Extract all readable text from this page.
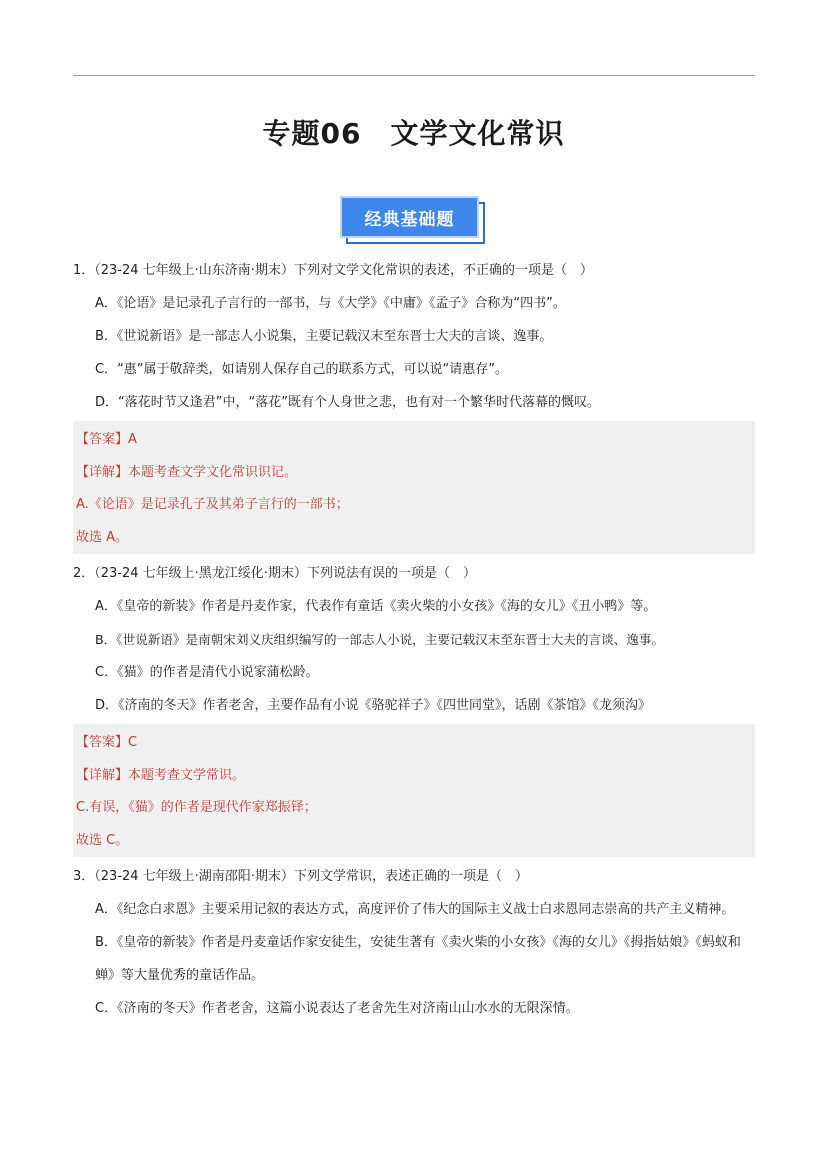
专题06　文学文化常识
经典基础题
1．（23-24 七年级上·山东济南·期末）下列对文学文化常识的表述，不正确的一项是（　）
A．《论语》是记录孔子言行的一部书，与《大学》《中庸》《孟子》合称为“四书”。
B．《世说新语》是一部志人小说集，主要记载汉末至东晋士大夫的言谈、逸事。
C．“惠”属于敬辞类，如请别人保存自己的联系方式，可以说“请惠存”。
D．“落花时节又逢君”中，“落花”既有个人身世之悲，也有对一个繁华时代落幕的慨叹。
【答案】A
【详解】本题考查文学文化常识识记。
A.《论语》是记录孔子及其弟子言行的一部书；
故选 A。
2．（23-24 七年级上·黑龙江绥化·期末）下列说法有误的一项是（　）
A．《皇帝的新装》作者是丹麦作家，代表作有童话《卖火柴的小女孩》《海的女儿》《丑小鸭》等。
B．《世说新语》是南朝宋刘义庆组织编写的一部志人小说，主要记载汉末至东晋士大夫的言谈、逸事。
C．《猫》的作者是清代小说家蒲松龄。
D．《济南的冬天》作者老舍，主要作品有小说《骆驼祥子》《四世同堂》，话剧《茶馆》《龙须沟》
【答案】C
【详解】本题考查文学常识。
C.有误，《猫》的作者是现代作家郑振铎；
故选 C。
3．（23-24 七年级上·湖南邵阳·期末）下列文学常识，表述正确的一项是（　）
A．《纪念白求恩》主要采用记叙的表达方式，高度评价了伟大的国际主义战士白求恩同志崇高的共产主义精神。
B．《皇帝的新装》作者是丹麦童话作家安徒生，安徒生著有《卖火柴的小女孩》《海的女儿》《拇指姑娘》《蚂蚁和蝉》等大量优秀的童话作品。
C．《济南的冬天》作者老舍，这篇小说表达了老舍先生对济南山山水水的无限深情。
